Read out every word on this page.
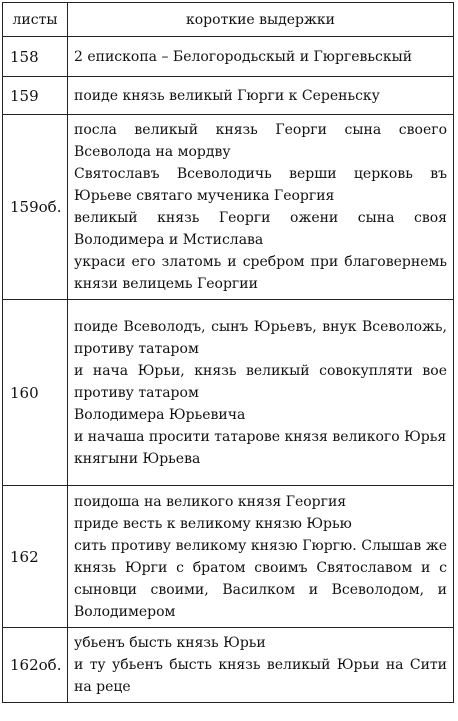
листы	короткие выдержки
158	2 епископа – Белогородьскый и Гюргевьскый

159	поиде князь великый Гюрги к Сереньску

159об.	посла великый князь Георги сына своего Всеволода на мордву

Святославъ Всеволодичь верши церковь въ Юрьеве святаго мученика Георгия

великый князь Георги ожени сына своя Володимера и Мстислава

украси его златомь и сребром при благовернемь князи велицемь Георгии

160	поиде Всеволодъ, сынъ Юрьевъ, внук Всеволожь, противу татаром

и нача Юрьи, князь великый совокупляти вое противу татаром

Володимера Юрьевича

и начаша просити татарове князя великого Юрья

княгыни Юрьева

162	поидоша на великого князя Георгия

приде весть к великому князю Юрью

сить противу великому князю Гюргю. Слышав же князь Юрги с братом своимъ Святославом и с сыновци своими, Василком и Всеволодом, и Володимером

162об.	убьенъ бысть князь Юрьи

и ту убьенъ бысть князь великый Юрьи на Сити на реце
